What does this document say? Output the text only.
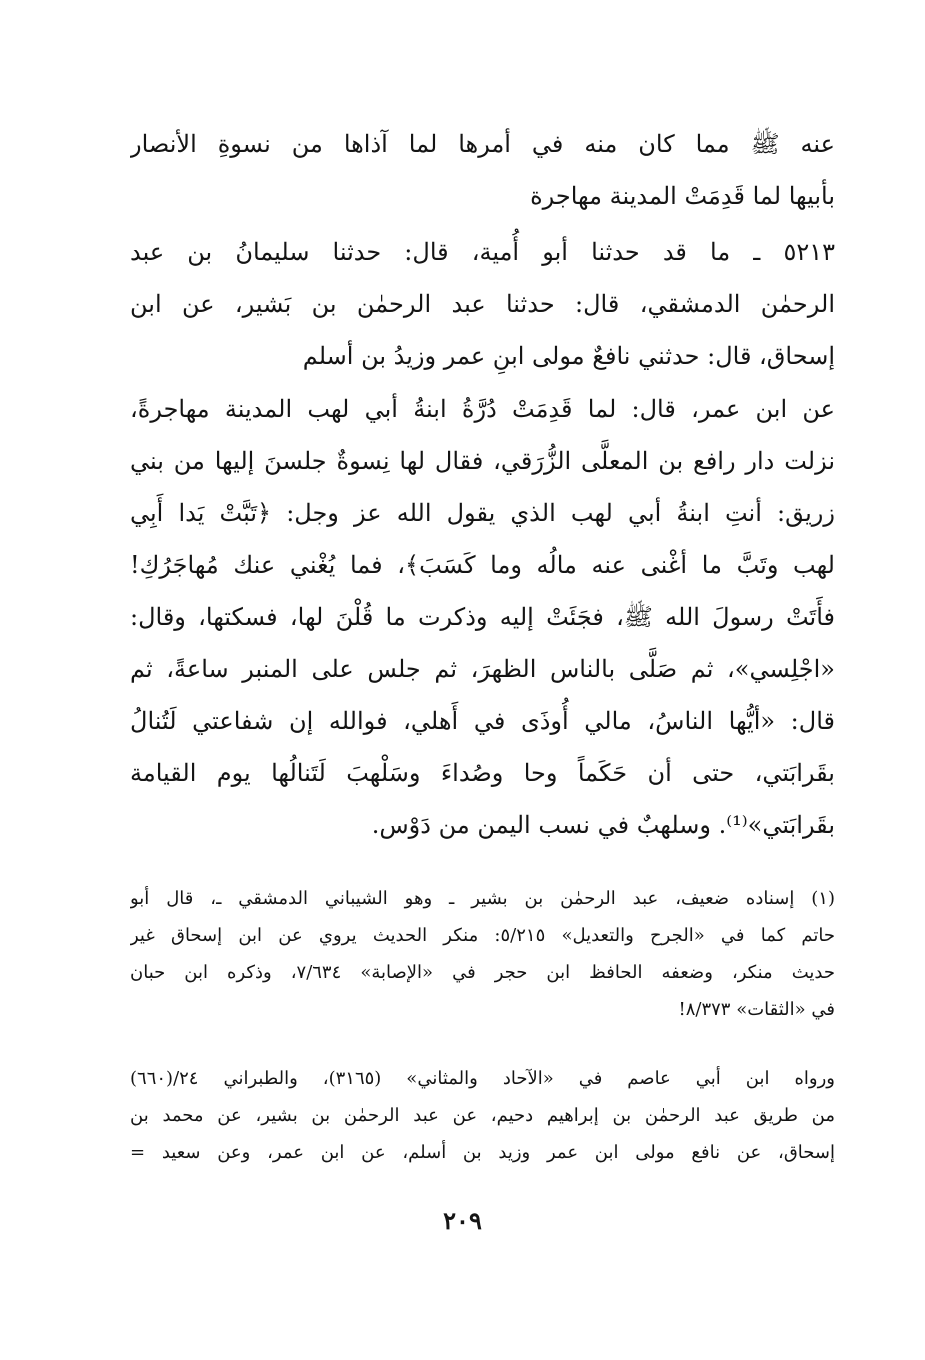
عنه ﷺ مما كان منه في أمرها لما آذاها من نسوةِ الأنصار
بأبيها لما قَدِمَتْ المدينة مهاجرة
٥٢١٣ ـ ما قد حدثنا أبو أُمية، قال: حدثنا سليمانُ بن عبد
الرحمٰن الدمشقي، قال: حدثنا عبد الرحمٰن بن بَشير، عن ابن
إسحاق، قال: حدثني نافعٌ مولى ابنِ عمر وزيدُ بن أسلم
عن ابن عمر، قال: لما قَدِمَتْ دُرَّةُ ابنةُ أبي لهب المدينة مهاجرةً،
نزلت دار رافع بن المعلَّى الزُّرَقي، فقال لها نِسوةٌ جلسنَ إليها من بني
زريق: أنتِ ابنةُ أبي لهب الذي يقول الله عز وجل: ﴿تَبَّتْ يَدا أَبِي
لهب وتَبَّ ما أغْنى عنه مالُه وما كَسَبَ﴾، فما يُغْني عنك مُهاجَرُكِ!
فأَتَتْ رسولَ الله ﷺ، فجَئَتْ إليه وذكرت ما قُلْنَ لها، فسكتها، وقال:
«اجْلِسي»، ثم صَلَّى بالناس الظهرَ، ثم جلس على المنبر ساعةً، ثم
قال: «أيُّها الناسُ، مالي أُوذَى في أَهلي، فوالله إن شفاعتي لَتُنالُ
بقَرابَتي، حتى أن حَكَماً وحا وصُداءَ وسَلْهبَ لَتَنالُها يوم القيامة
بقَرابَتي»⁽¹⁾. وسلهبٌ في نسب اليمن من دَوْس.
(١) إسناده ضعيف، عبد الرحمٰن بن بشير ـ وهو الشيباني الدمشقي ـ، قال أبو
حاتم كما في «الجرح والتعديل» ٥/٢١٥: منكر الحديث يروي عن ابن إسحاق غير
حديث منكر، وضعفه الحافظ ابن حجر في «الإصابة» ٧/٦٣٤، وذكره ابن حبان
في «الثقات» ٨/٣٧٣!
ورواه ابن أبي عاصم في «الآحاد والمثاني» (٣١٦٥)، والطبراني ٢٤/(٦٦٠)
من طريق عبد الرحمٰن بن إبراهيم دحيم، عن عبد الرحمٰن بن بشير، عن محمد بن
إسحاق، عن نافع مولى ابن عمر وزيد بن أسلم، عن ابن عمر، وعن سعيد =
٢٠٩
